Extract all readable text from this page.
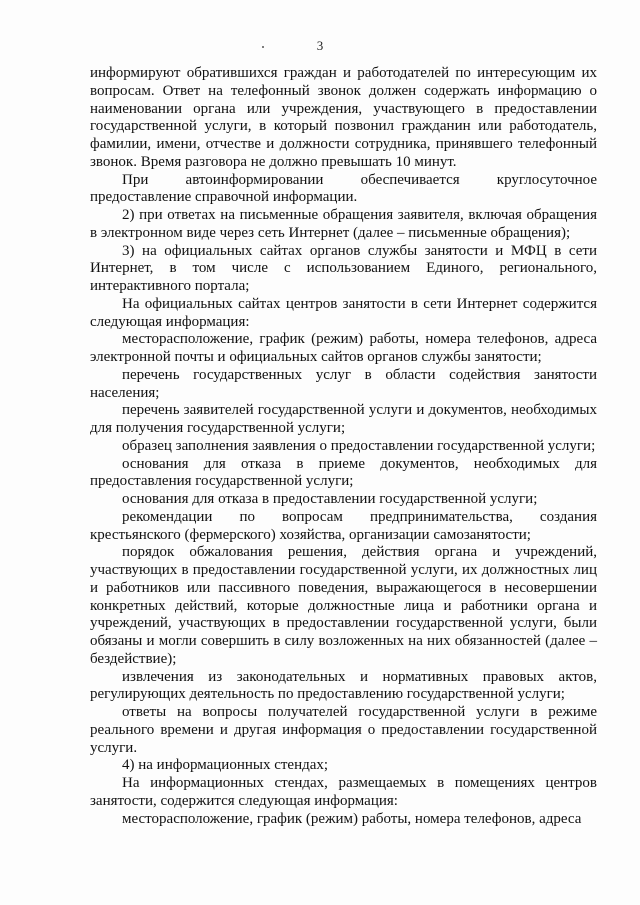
3

информируют обратившихся граждан и работодателей по интересующим их вопросам. Ответ на телефонный звонок должен содержать информацию о наименовании органа или учреждения, участвующего в предоставлении государственной услуги, в который позвонил гражданин или работодатель, фамилии, имени, отчестве и должности сотрудника, принявшего телефонный звонок. Время разговора не должно превышать 10 минут.

При автоинформировании обеспечивается круглосуточное предоставление справочной информации.

2) при ответах на письменные обращения заявителя, включая обращения в электронном виде через сеть Интернет (далее – письменные обращения);

3) на официальных сайтах органов службы занятости и МФЦ в сети Интернет, в том числе с использованием Единого, регионального, интерактивного портала;

На официальных сайтах центров занятости в сети Интернет содержится следующая информация:

месторасположение, график (режим) работы, номера телефонов, адреса электронной почты и официальных сайтов органов службы занятости;

перечень государственных услуг в области содействия занятости населения;

перечень заявителей государственной услуги и документов, необходимых для получения государственной услуги;

образец заполнения заявления о предоставлении государственной услуги;

основания для отказа в приеме документов, необходимых для предоставления государственной услуги;

основания для отказа в предоставлении государственной услуги;

рекомендации по вопросам предпринимательства, создания крестьянского (фермерского) хозяйства, организации самозанятости;

порядок обжалования решения, действия органа и учреждений, участвующих в предоставлении государственной услуги, их должностных лиц и работников или пассивного поведения, выражающегося в несовершении конкретных действий, которые должностные лица и работники органа и учреждений, участвующих в предоставлении государственной услуги, были обязаны и могли совершить в силу возложенных на них обязанностей (далее – бездействие);

извлечения из законодательных и нормативных правовых актов, регулирующих деятельность по предоставлению государственной услуги;

ответы на вопросы получателей государственной услуги в режиме реального времени и другая информация о предоставлении государственной услуги.

4) на информационных стендах;

На информационных стендах, размещаемых в помещениях центров занятости, содержится следующая информация:

месторасположение, график (режим) работы, номера телефонов, адреса
